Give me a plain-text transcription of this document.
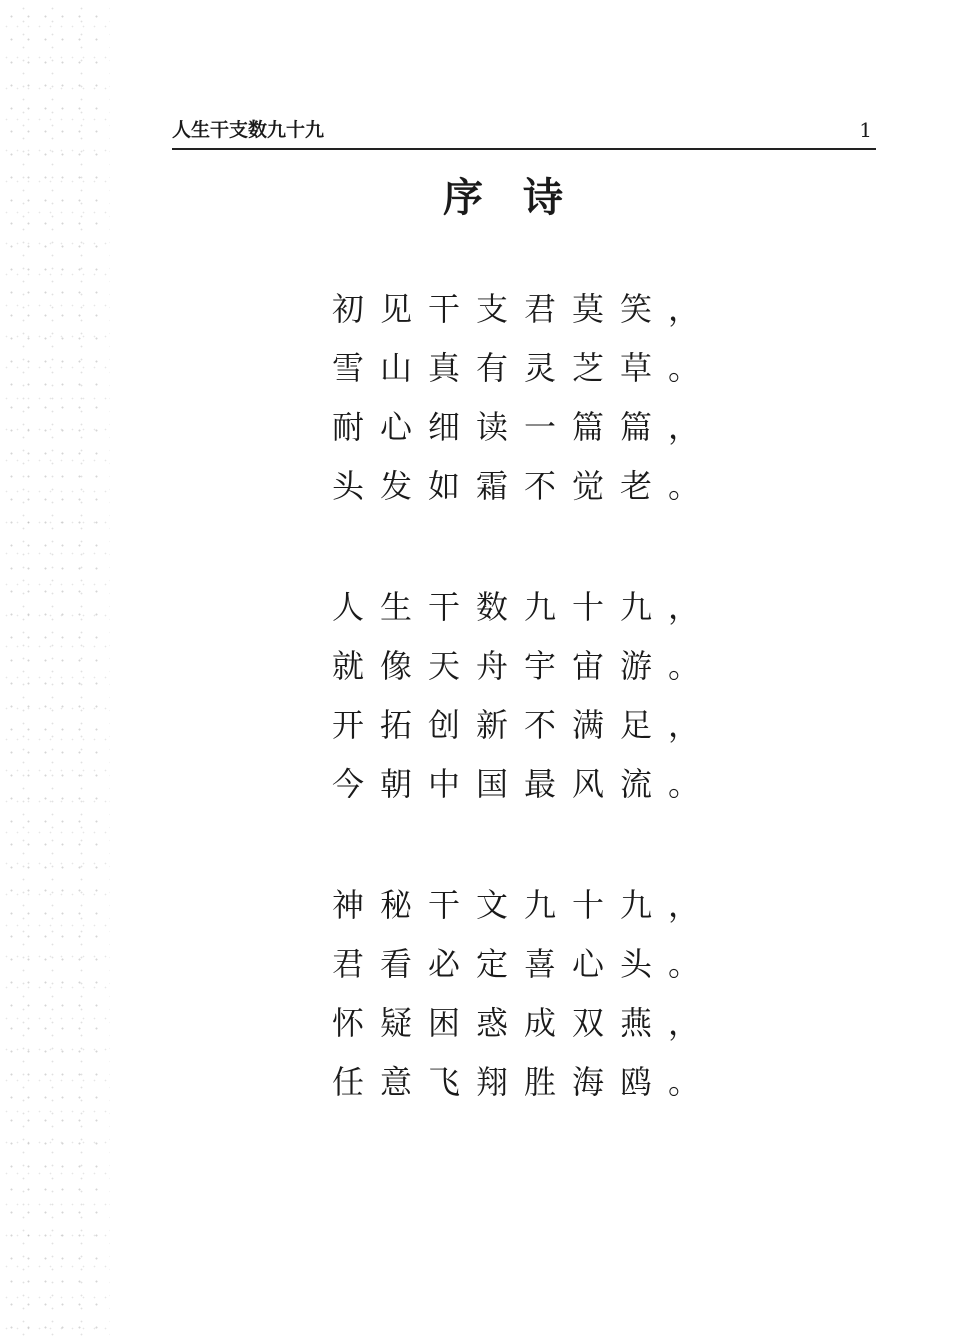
人生干支数九十九	1
序诗
初见干支君莫笑，
雪山真有灵芝草。
耐心细读一篇篇，
头发如霜不觉老。
人生干数九十九，
就像天舟宇宙游。
开拓创新不满足，
今朝中国最风流。
神秘干文九十九，
君看必定喜心头。
怀疑困惑成双燕，
任意飞翔胜海鸥。
